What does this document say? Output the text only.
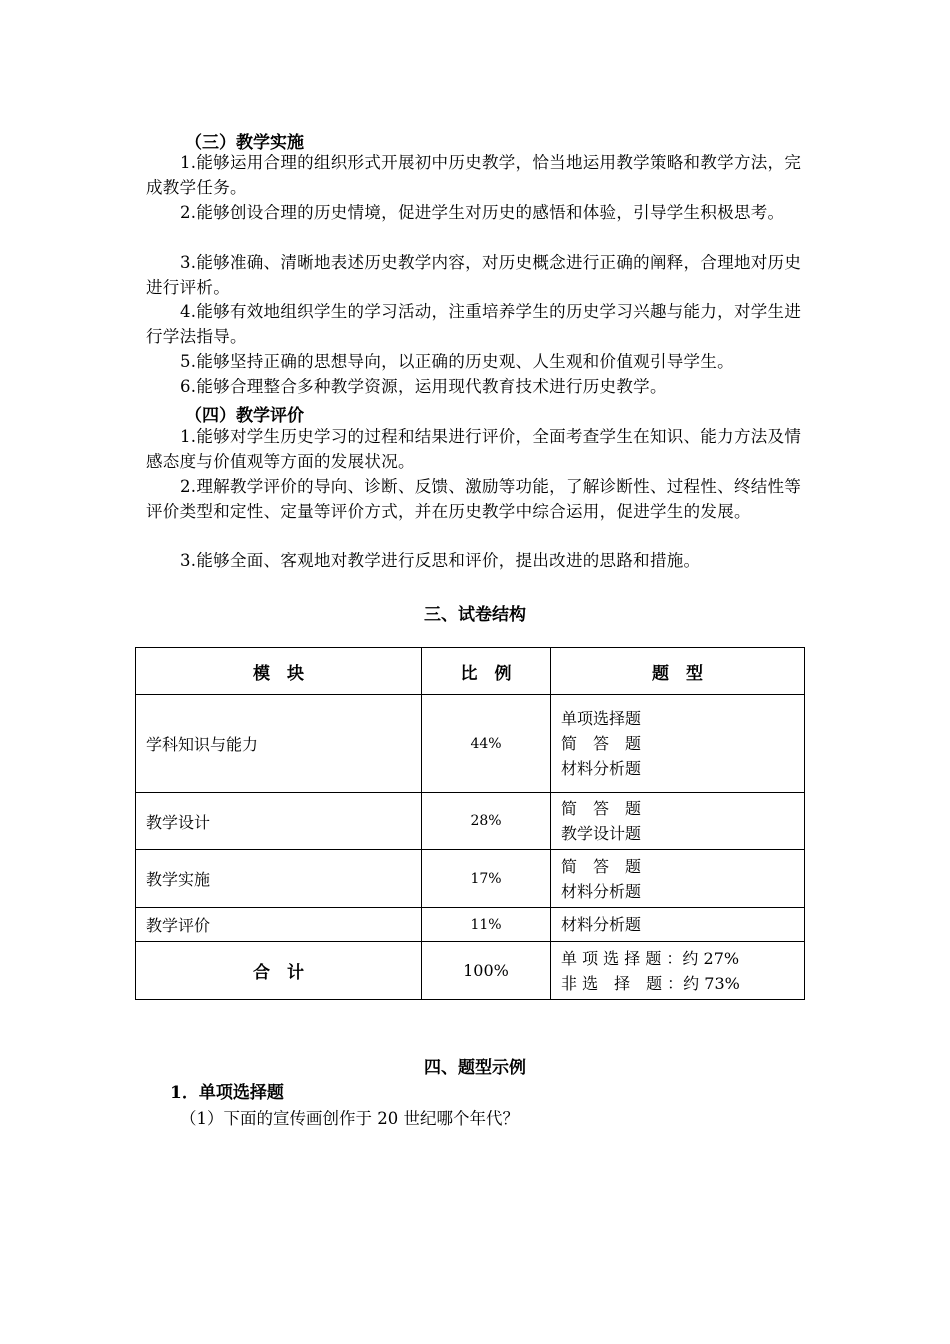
（三）教学实施
1.能够运用合理的组织形式开展初中历史教学，恰当地运用教学策略和教学方法，完成教学任务。
2.能够创设合理的历史情境，促进学生对历史的感悟和体验，引导学生积极思考。
3.能够准确、清晰地表述历史教学内容，对历史概念进行正确的阐释，合理地对历史进行评析。
4.能够有效地组织学生的学习活动，注重培养学生的历史学习兴趣与能力，对学生进行学法指导。
5.能够坚持正确的思想导向，以正确的历史观、人生观和价值观引导学生。
6.能够合理整合多种教学资源，运用现代教育技术进行历史教学。
（四）教学评价
1.能够对学生历史学习的过程和结果进行评价，全面考查学生在知识、能力方法及情感态度与价值观等方面的发展状况。
2.理解教学评价的导向、诊断、反馈、激励等功能，了解诊断性、过程性、终结性等评价类型和定性、定量等评价方式，并在历史教学中综合运用，促进学生的发展。
3.能够全面、客观地对教学进行反思和评价，提出改进的思路和措施。
三、试卷结构
模　块	比　例	题　型
学科知识与能力	44%	单项选择题
简　答　题
材料分析题

教学设计	28%	简　答　题
教学设计题

教学实施	17%	简　答　题
材料分析题

教学评价	11%	材料分析题

合　计	100%	单 项 选 择 题 ：约 27%
非 选　择　题 ：约 73%
四、题型示例
1．单项选择题
（1）下面的宣传画创作于 20 世纪哪个年代？
